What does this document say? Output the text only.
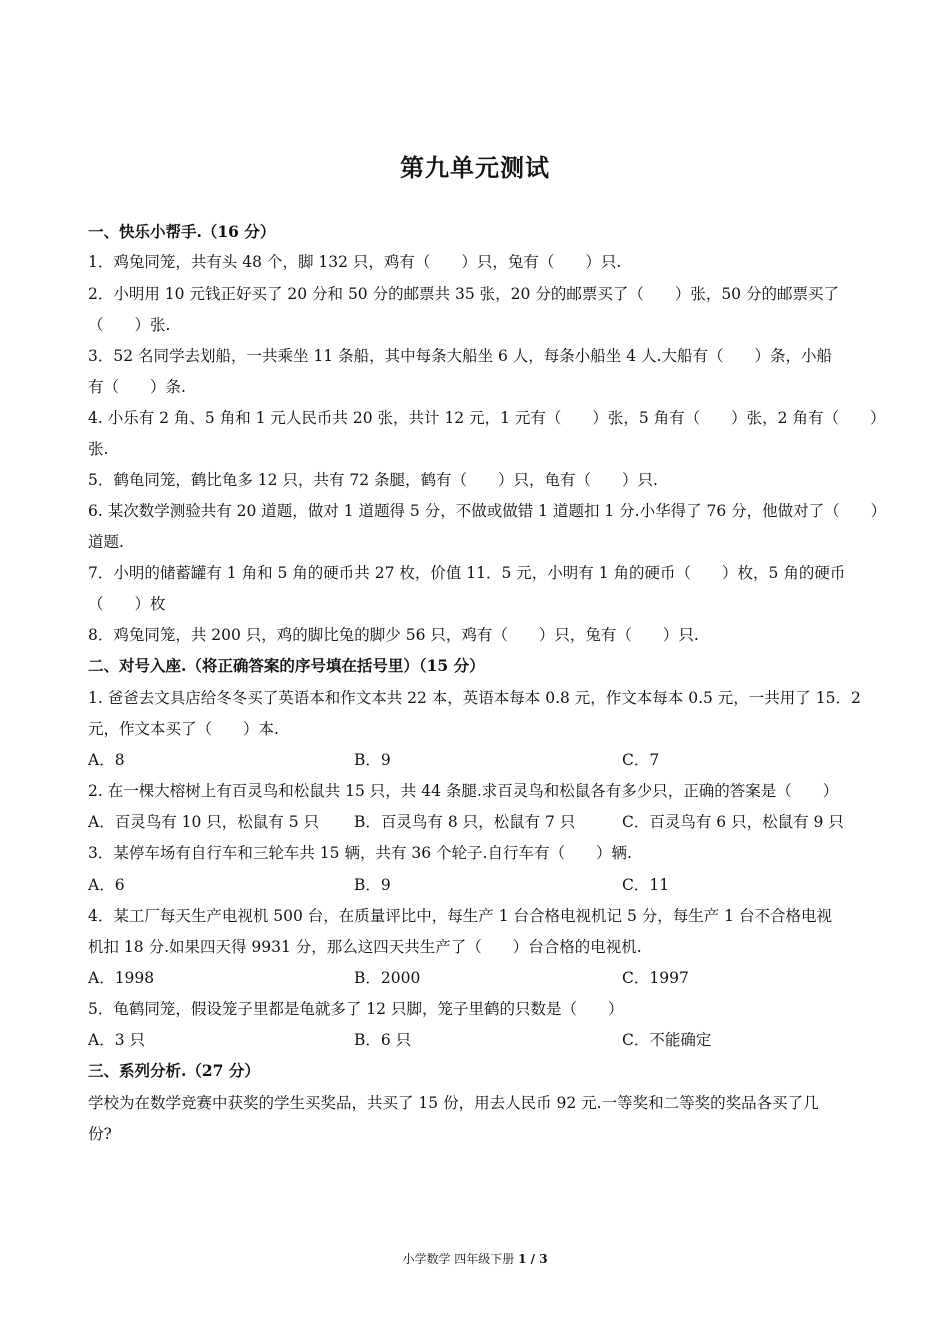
第九单元测试
一、快乐小帮手.（16 分）
1．鸡兔同笼，共有头 48 个，脚 132 只，鸡有（　　）只，兔有（　　）只.
2．小明用 10 元钱正好买了 20 分和 50 分的邮票共 35 张，20 分的邮票买了（　　）张，50 分的邮票买了
（　　）张.
3．52 名同学去划船，一共乘坐 11 条船，其中每条大船坐 6 人，每条小船坐 4 人.大船有（　　）条，小船
有（　　）条.
4. 小乐有 2 角、5 角和 1 元人民币共 20 张，共计 12 元，1 元有（　　）张，5 角有（　　）张，2 角有（　　）
张.
5．鹤龟同笼，鹤比龟多 12 只，共有 72 条腿，鹤有（　　）只，龟有（　　）只.
6. 某次数学测验共有 20 道题，做对 1 道题得 5 分，不做或做错 1 道题扣 1 分.小华得了 76 分，他做对了（　　）
道题.
7．小明的储蓄罐有 1 角和 5 角的硬币共 27 枚，价值 11．5 元，小明有 1 角的硬币（　　）枚，5 角的硬币
（　　）枚
8．鸡兔同笼，共 200 只，鸡的脚比兔的脚少 56 只，鸡有（　　）只，兔有（　　）只.
二、对号入座.（将正确答案的序号填在括号里）（15 分）
1. 爸爸去文具店给冬冬买了英语本和作文本共 22 本，英语本每本 0.8 元，作文本每本 0.5 元，一共用了 15．2
元，作文本买了（　　）本.
A．8	B．9	C．7
2. 在一棵大榕树上有百灵鸟和松鼠共 15 只，共 44 条腿.求百灵鸟和松鼠各有多少只，正确的答案是（　　）
A．百灵鸟有 10 只，松鼠有 5 只 B．百灵鸟有 8 只，松鼠有 7 只	C．百灵鸟有 6 只，松鼠有 9 只
3．某停车场有自行车和三轮车共 15 辆，共有 36 个轮子.自行车有（　　）辆.
A．6	B．9	C．11
4．某工厂每天生产电视机 500 台，在质量评比中，每生产 1 台合格电视机记 5 分，每生产 1 台不合格电视
机扣 18 分.如果四天得 9931 分，那么这四天共生产了（　　）台合格的电视机.
A．1998	B．2000	C．1997
5．龟鹤同笼，假设笼子里都是龟就多了 12 只脚，笼子里鹤的只数是（　　）
A．3 只	B．6 只	C．不能确定
三、系列分析.（27 分）
学校为在数学竞赛中获奖的学生买奖品，共买了 15 份，用去人民币 92 元.一等奖和二等奖的奖品各买了几
份?
小学数学 四年级下册 1 / 3
